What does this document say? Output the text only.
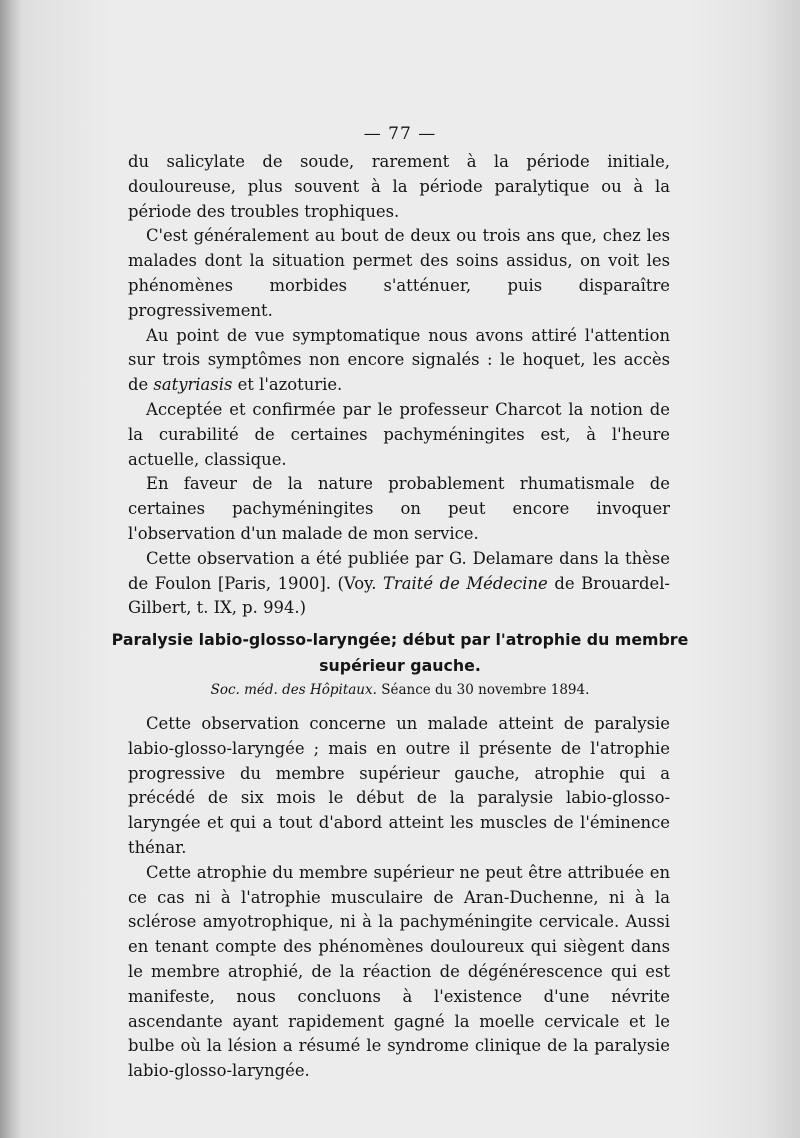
— 77 —

du salicylate de soude, rarement à la période initiale, douloureuse, plus souvent à la période paralytique ou à la période des troubles trophiques.

C'est généralement au bout de deux ou trois ans que, chez les malades dont la situation permet des soins assidus, on voit les phénomènes morbides s'atténuer, puis disparaître progressivement.

Au point de vue symptomatique nous avons attiré l'attention sur trois symptômes non encore signalés : le hoquet, les accès de satyriasis et l'azoturie.

Acceptée et confirmée par le professeur Charcot la notion de la curabilité de certaines pachyméningites est, à l'heure actuelle, classique.

En faveur de la nature probablement rhumatismale de certaines pachyméningites on peut encore invoquer l'observation d'un malade de mon service.

Cette observation a été publiée par G. Delamare dans la thèse de Foulon [Paris, 1900]. (Voy. Traité de Médecine de Brouardel-Gilbert, t. IX, p. 994.)

Paralysie labio-glosso-laryngée; début par l'atrophie du membre
supérieur gauche.
Soc. méd. des Hôpitaux. Séance du 30 novembre 1894.

Cette observation concerne un malade atteint de paralysie labio-glosso-laryngée ; mais en outre il présente de l'atrophie progressive du membre supérieur gauche, atrophie qui a précédé de six mois le début de la paralysie labio-glosso-laryngée et qui a tout d'abord atteint les muscles de l'éminence thénar.

Cette atrophie du membre supérieur ne peut être attribuée en ce cas ni à l'atrophie musculaire de Aran-Duchenne, ni à la sclérose amyotrophique, ni à la pachyméningite cervicale. Aussi en tenant compte des phénomènes douloureux qui siègent dans le membre atrophié, de la réaction de dégénérescence qui est manifeste, nous concluons à l'existence d'une névrite ascendante ayant rapidement gagné la moelle cervicale et le bulbe où la lésion a résumé le syndrome clinique de la paralysie labio-glosso-laryngée.
